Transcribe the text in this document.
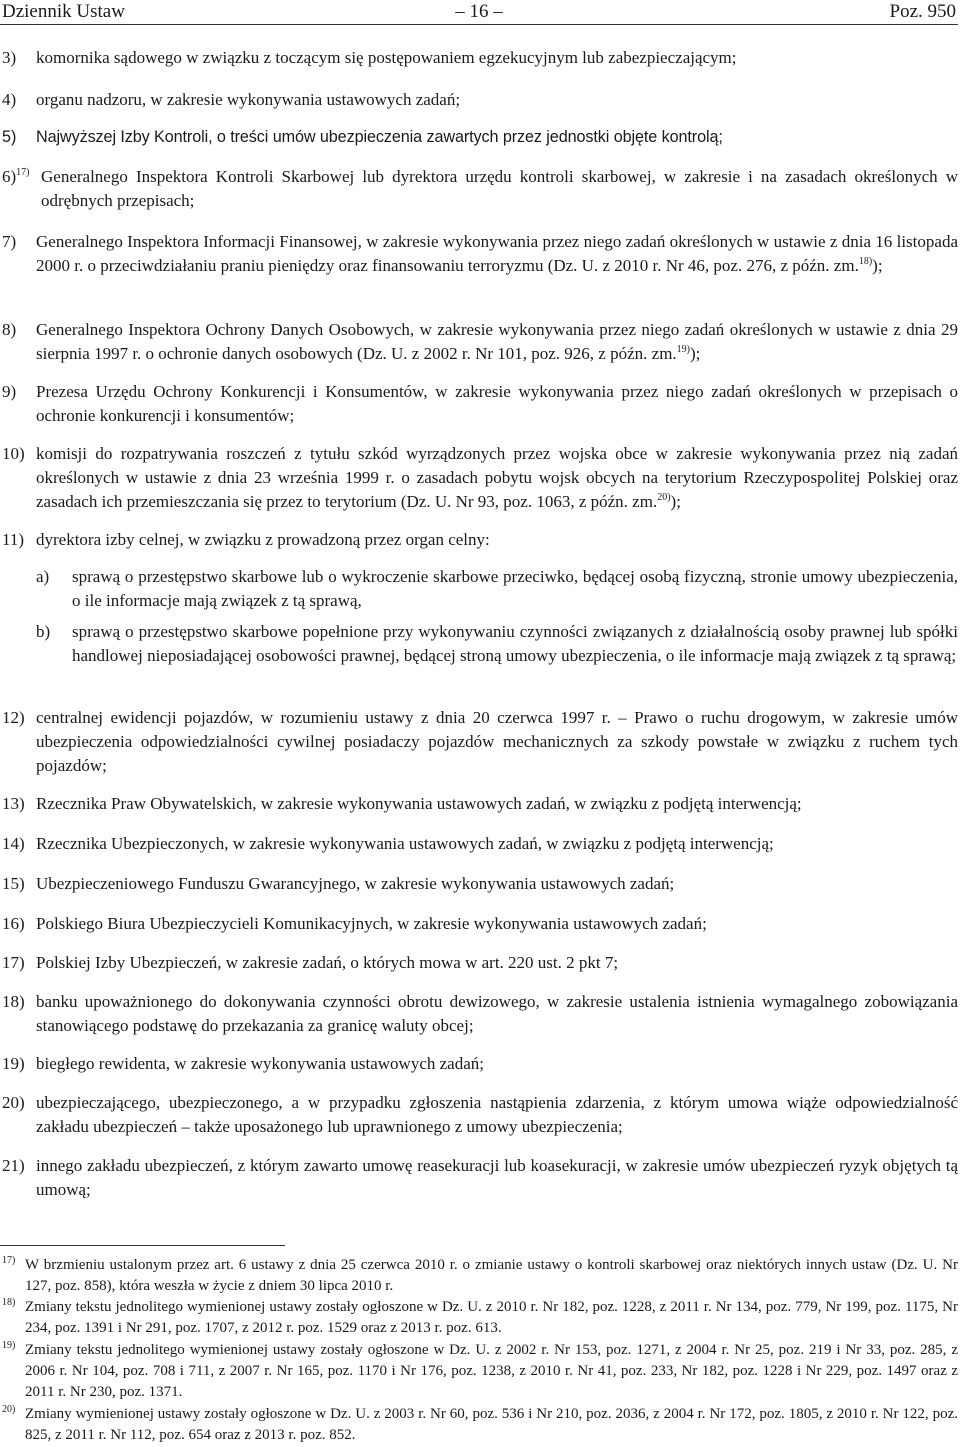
Dziennik Ustaw	– 16 –	Poz. 950
3) komornika sądowego w związku z toczącym się postępowaniem egzekucyjnym lub zabezpieczającym;
4) organu nadzoru, w zakresie wykonywania ustawowych zadań;
5) Najwyższej Izby Kontroli, o treści umów ubezpieczenia zawartych przez jednostki objęte kontrolą;
6)$^{17)}$ Generalnego Inspektora Kontroli Skarbowej lub dyrektora urzędu kontroli skarbowej, w zakresie i na zasadach określonych w odrębnych przepisach;
7) Generalnego Inspektora Informacji Finansowej, w zakresie wykonywania przez niego zadań określonych w ustawie z dnia 16 listopada 2000 r. o przeciwdziałaniu praniu pieniędzy oraz finansowaniu terroryzmu (Dz. U. z 2010 r. Nr 46, poz. 276, z późn. zm.$^{18)}$);
8) Generalnego Inspektora Ochrony Danych Osobowych, w zakresie wykonywania przez niego zadań określonych w ustawie z dnia 29 sierpnia 1997 r. o ochronie danych osobowych (Dz. U. z 2002 r. Nr 101, poz. 926, z późn. zm.$^{19)}$);
9) Prezesa Urzędu Ochrony Konkurencji i Konsumentów, w zakresie wykonywania przez niego zadań określonych w przepisach o ochronie konkurencji i konsumentów;
10) komisji do rozpatrywania roszczeń z tytułu szkód wyrządzonych przez wojska obce w zakresie wykonywania przez nią zadań określonych w ustawie z dnia 23 września 1999 r. o zasadach pobytu wojsk obcych na terytorium Rzeczypospolitej Polskiej oraz zasadach ich przemieszczania się przez to terytorium (Dz. U. Nr 93, poz. 1063, z późn. zm.$^{20)}$);
11) dyrektora izby celnej, w związku z prowadzoną przez organ celny:
a) sprawą o przestępstwo skarbowe lub o wykroczenie skarbowe przeciwko, będącej osobą fizyczną, stronie umowy ubezpieczenia, o ile informacje mają związek z tą sprawą,
b) sprawą o przestępstwo skarbowe popełnione przy wykonywaniu czynności związanych z działalnością osoby prawnej lub spółki handlowej nieposiadającej osobowości prawnej, będącej stroną umowy ubezpieczenia, o ile informacje mają związek z tą sprawą;
12) centralnej ewidencji pojazdów, w rozumieniu ustawy z dnia 20 czerwca 1997 r. – Prawo o ruchu drogowym, w zakresie umów ubezpieczenia odpowiedzialności cywilnej posiadaczy pojazdów mechanicznych za szkody powstałe w związku z ruchem tych pojazdów;
13) Rzecznika Praw Obywatelskich, w zakresie wykonywania ustawowych zadań, w związku z podjętą interwencją;
14) Rzecznika Ubezpieczonych, w zakresie wykonywania ustawowych zadań, w związku z podjętą interwencją;
15) Ubezpieczeniowego Funduszu Gwarancyjnego, w zakresie wykonywania ustawowych zadań;
16) Polskiego Biura Ubezpieczycieli Komunikacyjnych, w zakresie wykonywania ustawowych zadań;
17) Polskiej Izby Ubezpieczeń, w zakresie zadań, o których mowa w art. 220 ust. 2 pkt 7;
18) banku upoważnionego do dokonywania czynności obrotu dewizowego, w zakresie ustalenia istnienia wymagalnego zobowiązania stanowiącego podstawę do przekazania za granicę waluty obcej;
19) biegłego rewidenta, w zakresie wykonywania ustawowych zadań;
20) ubezpieczającego, ubezpieczonego, a w przypadku zgłoszenia nastąpienia zdarzenia, z którym umowa wiąże odpowiedzialność zakładu ubezpieczeń – także uposażonego lub uprawnionego z umowy ubezpieczenia;
21) innego zakładu ubezpieczeń, z którym zawarto umowę reasekuracji lub koasekuracji, w zakresie umów ubezpieczeń ryzyk objętych tą umową;
17) W brzmieniu ustalonym przez art. 6 ustawy z dnia 25 czerwca 2010 r. o zmianie ustawy o kontroli skarbowej oraz niektórych innych ustaw (Dz. U. Nr 127, poz. 858), która weszła w życie z dniem 30 lipca 2010 r.
18) Zmiany tekstu jednolitego wymienionej ustawy zostały ogłoszone w Dz. U. z 2010 r. Nr 182, poz. 1228, z 2011 r. Nr 134, poz. 779, Nr 199, poz. 1175, Nr 234, poz. 1391 i Nr 291, poz. 1707, z 2012 r. poz. 1529 oraz z 2013 r. poz. 613.
19) Zmiany tekstu jednolitego wymienionej ustawy zostały ogłoszone w Dz. U. z 2002 r. Nr 153, poz. 1271, z 2004 r. Nr 25, poz. 219 i Nr 33, poz. 285, z 2006 r. Nr 104, poz. 708 i 711, z 2007 r. Nr 165, poz. 1170 i Nr 176, poz. 1238, z 2010 r. Nr 41, poz. 233, Nr 182, poz. 1228 i Nr 229, poz. 1497 oraz z 2011 r. Nr 230, poz. 1371.
20) Zmiany wymienionej ustawy zostały ogłoszone w Dz. U. z 2003 r. Nr 60, poz. 536 i Nr 210, poz. 2036, z 2004 r. Nr 172, poz. 1805, z 2010 r. Nr 122, poz. 825, z 2011 r. Nr 112, poz. 654 oraz z 2013 r. poz. 852.
